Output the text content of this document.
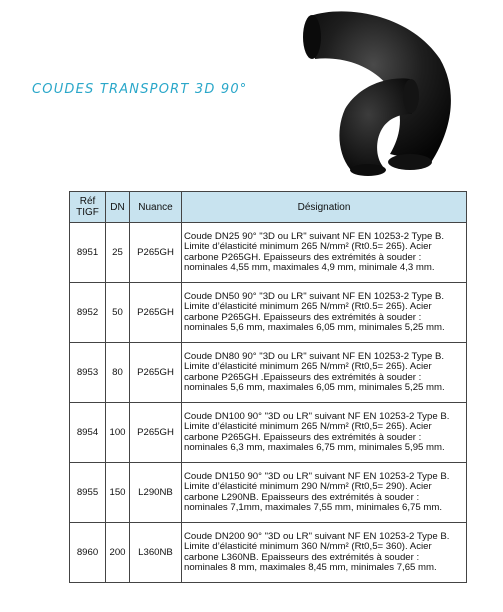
COUDES TRANSPORT 3D 90°
Réf TIGF	DN	Nuance	Désignation
8951	25	P265GH	Coude DN25 90° "3D ou LR" suivant NF EN 10253-2 Type B. Limite d’élasticité minimum 265 N/mm² (Rt0.5= 265). Acier carbone P265GH. Epaisseurs des extrémités à souder : nominales 4,55 mm, maximales 4,9 mm, minimale 4,3 mm.
8952	50	P265GH	Coude DN50 90° "3D ou LR" suivant NF EN 10253-2 Type B. Limite d’élasticité minimum 265 N/mm² (Rt0.5= 265). Acier carbone P265GH. Epaisseurs des extrémités à souder : nominales 5,6 mm, maximales 6,05 mm, minimales 5,25 mm.
8953	80	P265GH	Coude DN80 90° "3D ou LR" suivant NF EN 10253-2 Type B. Limite d’élasticité minimum 265 N/mm² (Rt0,5= 265). Acier carbone P265GH .Epaisseurs des extrémités à souder : nominales 5,6 mm, maximales 6,05 mm, minimales 5,25 mm.
8954	100	P265GH	Coude DN100 90° "3D ou LR" suivant NF EN 10253-2 Type B. Limite d’élasticité minimum 265 N/mm² (Rt0,5= 265). Acier carbone P265GH. Epaisseurs des extrémités à souder : nominales 6,3 mm, maximales 6,75 mm, minimales 5,95 mm.
8955	150	L290NB	Coude DN150 90° "3D ou LR" suivant NF EN 10253-2 Type B. Limite d’élasticité minimum 290 N/mm² (Rt0,5= 290). Acier carbone L290NB. Epaisseurs des extrémités à souder : nominales 7,1mm, maximales 7,55 mm, minimales 6,75 mm.
8960	200	L360NB	Coude DN200 90° "3D ou LR" suivant NF EN 10253-2 Type B. Limite d’élasticité minimum 360 N/mm² (Rt0,5= 360). Acier carbone L360NB. Epaisseurs des extrémités à souder : nominales 8 mm, maximales 8,45 mm, minimales 7,65 mm.
